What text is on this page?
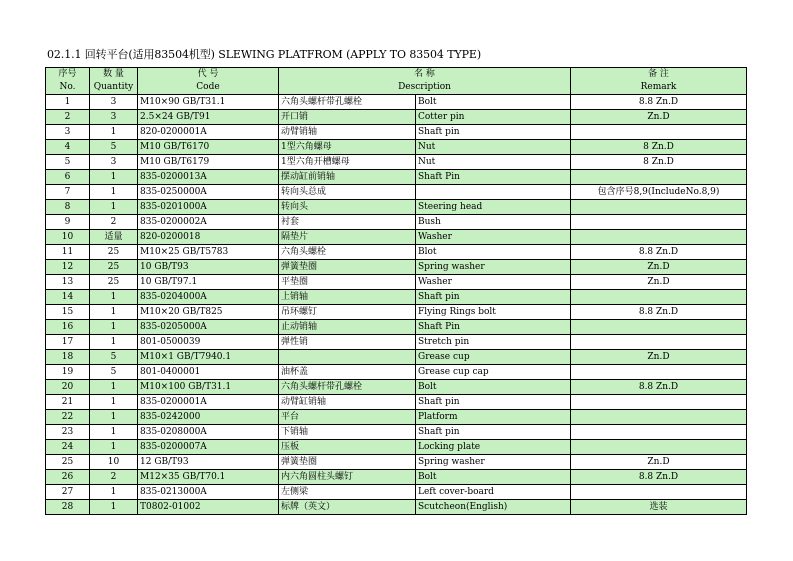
02.1.1 回转平台(适用83504机型) SLEWING PLATFROM (APPLY TO 83504 TYPE)
序号	数 量	代 号	名 称		备 注
No.	Quantity	Code	Description		Remark
1	3	M10×90 GB/T31.1	六角头螺杆带孔螺栓	Bolt	8.8 Zn.D
2	3	2.5×24 GB/T91	开口销	Cotter pin	Zn.D
3	1	820-0200001A	动臂销轴	Shaft pin	
4	5	M10 GB/T6170	1型六角螺母	Nut	8 Zn.D
5	3	M10 GB/T6179	1型六角开槽螺母	Nut	8 Zn.D
6	1	835-0200013A	摆动缸前销轴	Shaft Pin	
7	1	835-0250000A	转向头总成		包含序号8,9(IncludeNo.8,9)
8	1	835-0201000A	转向头	Steering head	
9	2	835-0200002A	衬套	Bush	
10	适量	820-0200018	隔垫片	Washer	
11	25	M10×25 GB/T5783	六角头螺栓	Blot	8.8 Zn.D
12	25	10 GB/T93	弹簧垫圈	Spring washer	Zn.D
13	25	10 GB/T97.1	平垫圈	Washer	Zn.D
14	1	835-0204000A	上销轴	Shaft pin	
15	1	M10×20 GB/T825	吊环螺钉	Flying Rings bolt	8.8 Zn.D
16	1	835-0205000A	止动销轴	Shaft Pin	
17	1	801-0500039	弹性销	Stretch pin	
18	5	M10×1 GB/T7940.1		Grease cup	Zn.D
19	5	801-0400001	油杯盖	Grease cup cap	
20	1	M10×100 GB/T31.1	六角头螺杆带孔螺栓	Bolt	8.8 Zn.D
21	1	835-0200001A	动臂缸销轴	Shaft pin	
22	1	835-0242000	平台	Platform	
23	1	835-0208000A	下销轴	Shaft pin	
24	1	835-0200007A	压板	Locking plate	
25	10	12 GB/T93	弹簧垫圈	Spring washer	Zn.D
26	2	M12×35 GB/T70.1	内六角圆柱头螺钉	Bolt	8.8 Zn.D
27	1	835-0213000A	左侧梁	Left cover-board	
28	1	T0802-01002	标牌（英文）	Scutcheon(English)	选装
